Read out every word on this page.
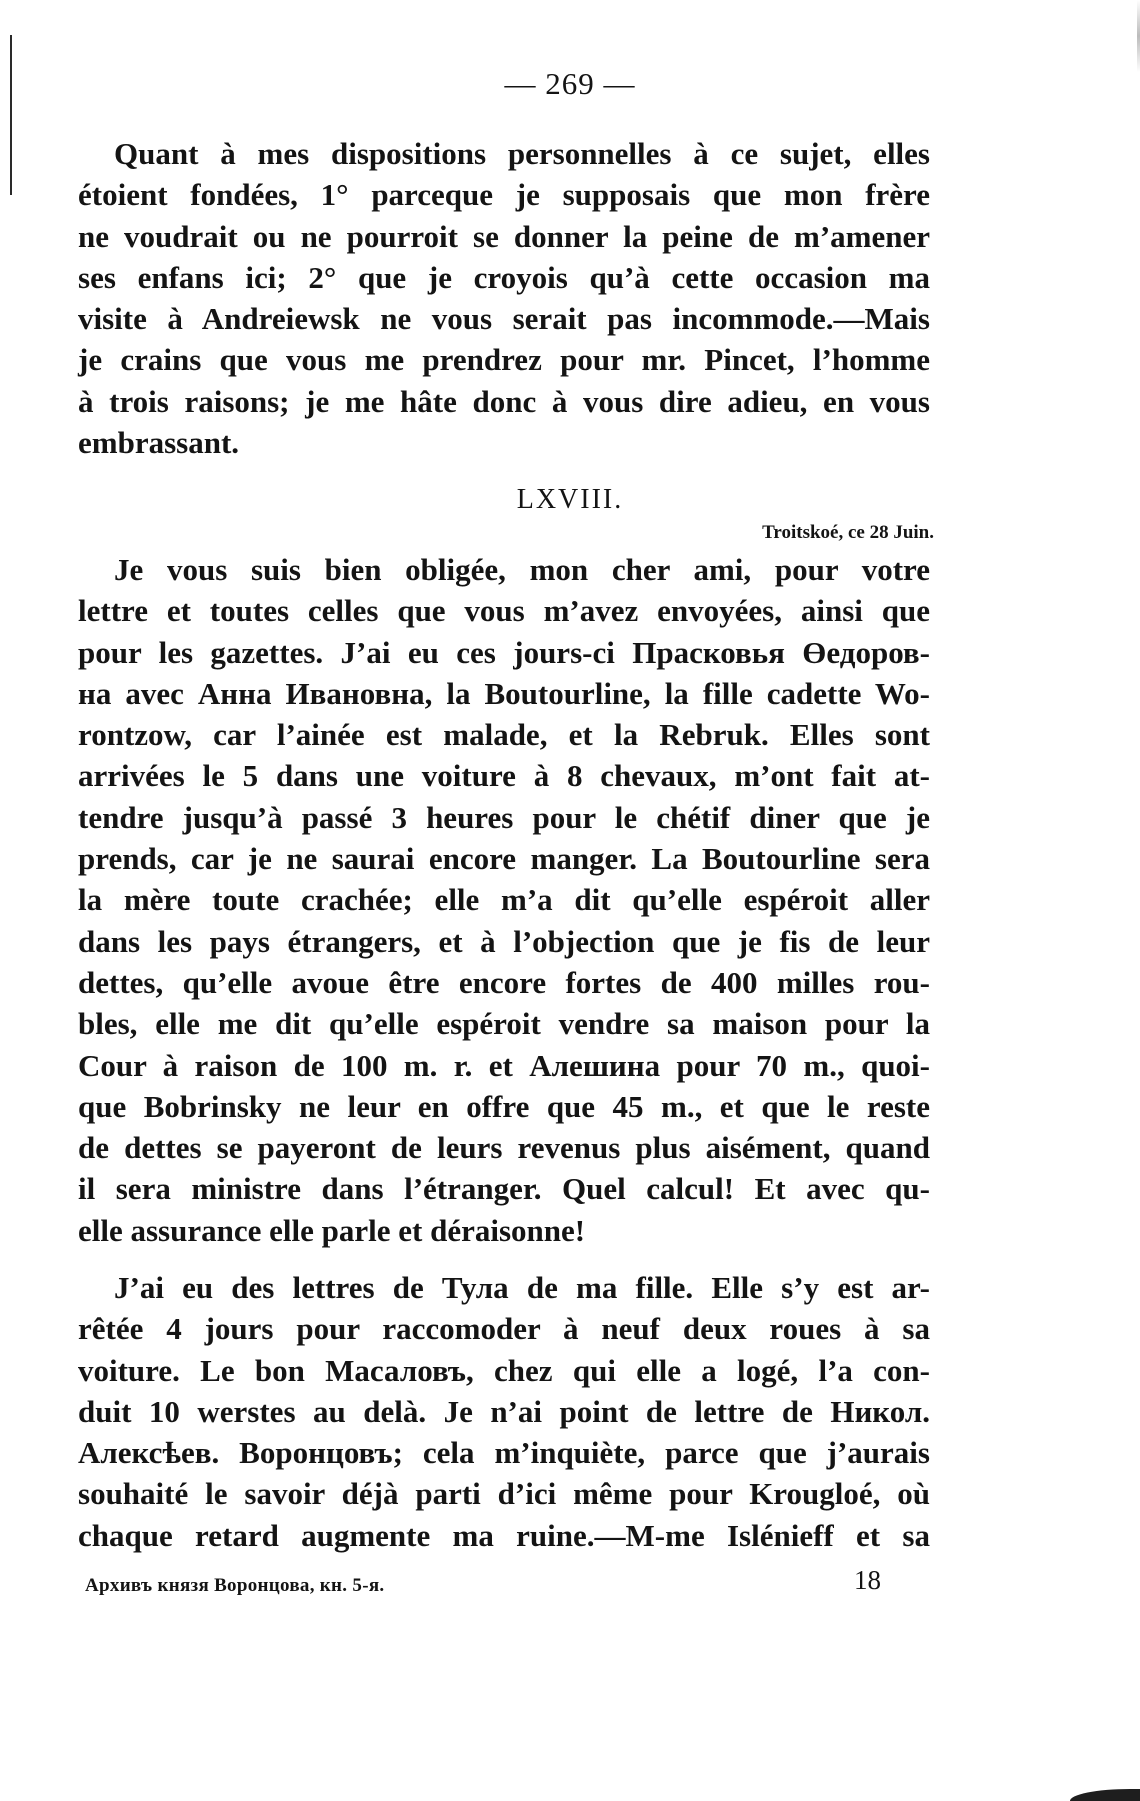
— 269 —
Quant à mes dispositions personnelles à ce sujet, elles
étoient fondées, 1° parceque je supposais que mon frère
ne voudrait ou ne pourroit se donner la peine de m’amener
ses enfans ici; 2° que je croyois qu’à cette occasion ma
visite à Andreiewsk ne vous serait pas incommode.—Mais
je crains que vous me prendrez pour mr. Pincet, l’homme
à trois raisons; je me hâte donc à vous dire adieu, en vous
embrassant.
LXVIII.
Troitskoé, ce 28 Juin.
Je vous suis bien obligée, mon cher ami, pour votre
lettre et toutes celles que vous m’avez envoyées, ainsi que
pour les gazettes. J’ai eu ces jours-ci Прасковья Өедоров-
на avec Анна Ивановна, la Boutourline, la fille cadette Wo-
rontzow, car l’ainée est malade, et la Rebruk. Elles sont
arrivées le 5 dans une voiture à 8 chevaux, m’ont fait at-
tendre jusqu’à passé 3 heures pour le chétif diner que je
prends, car je ne saurai encore manger. La Boutourline sera
la mère toute crachée; elle m’a dit qu’elle espéroit aller
dans les pays étrangers, et à l’objection que je fis de leur
dettes, qu’elle avoue être encore fortes de 400 milles rou-
bles, elle me dit qu’elle espéroit vendre sa maison pour la
Cour à raison de 100 m. r. et Алешина pour 70 m., quoi-
que Bobrinsky ne leur en offre que 45 m., et que le reste
de dettes se payeront de leurs revenus plus aisément, quand
il sera ministre dans l’étranger. Quel calcul! Et avec qu-
elle assurance elle parle et déraisonne!
J’ai eu des lettres de Тула de ma fille. Elle s’y est ar-
rêtée 4 jours pour raccomoder à neuf deux roues à sa
voiture. Le bon Масаловъ, chez qui elle a logé, l’a con-
duit 10 werstes au delà. Je n’ai point de lettre de Никол.
Алексѣев. Воронцовъ; cela m’inquiète, parce que j’aurais
souhaité le savoir déjà parti d’ici même pour Krougloé, où
chaque retard augmente ma ruine.—M-me Islénieff et sa
Архивъ князя Воронцова, кн. 5-я.	18
